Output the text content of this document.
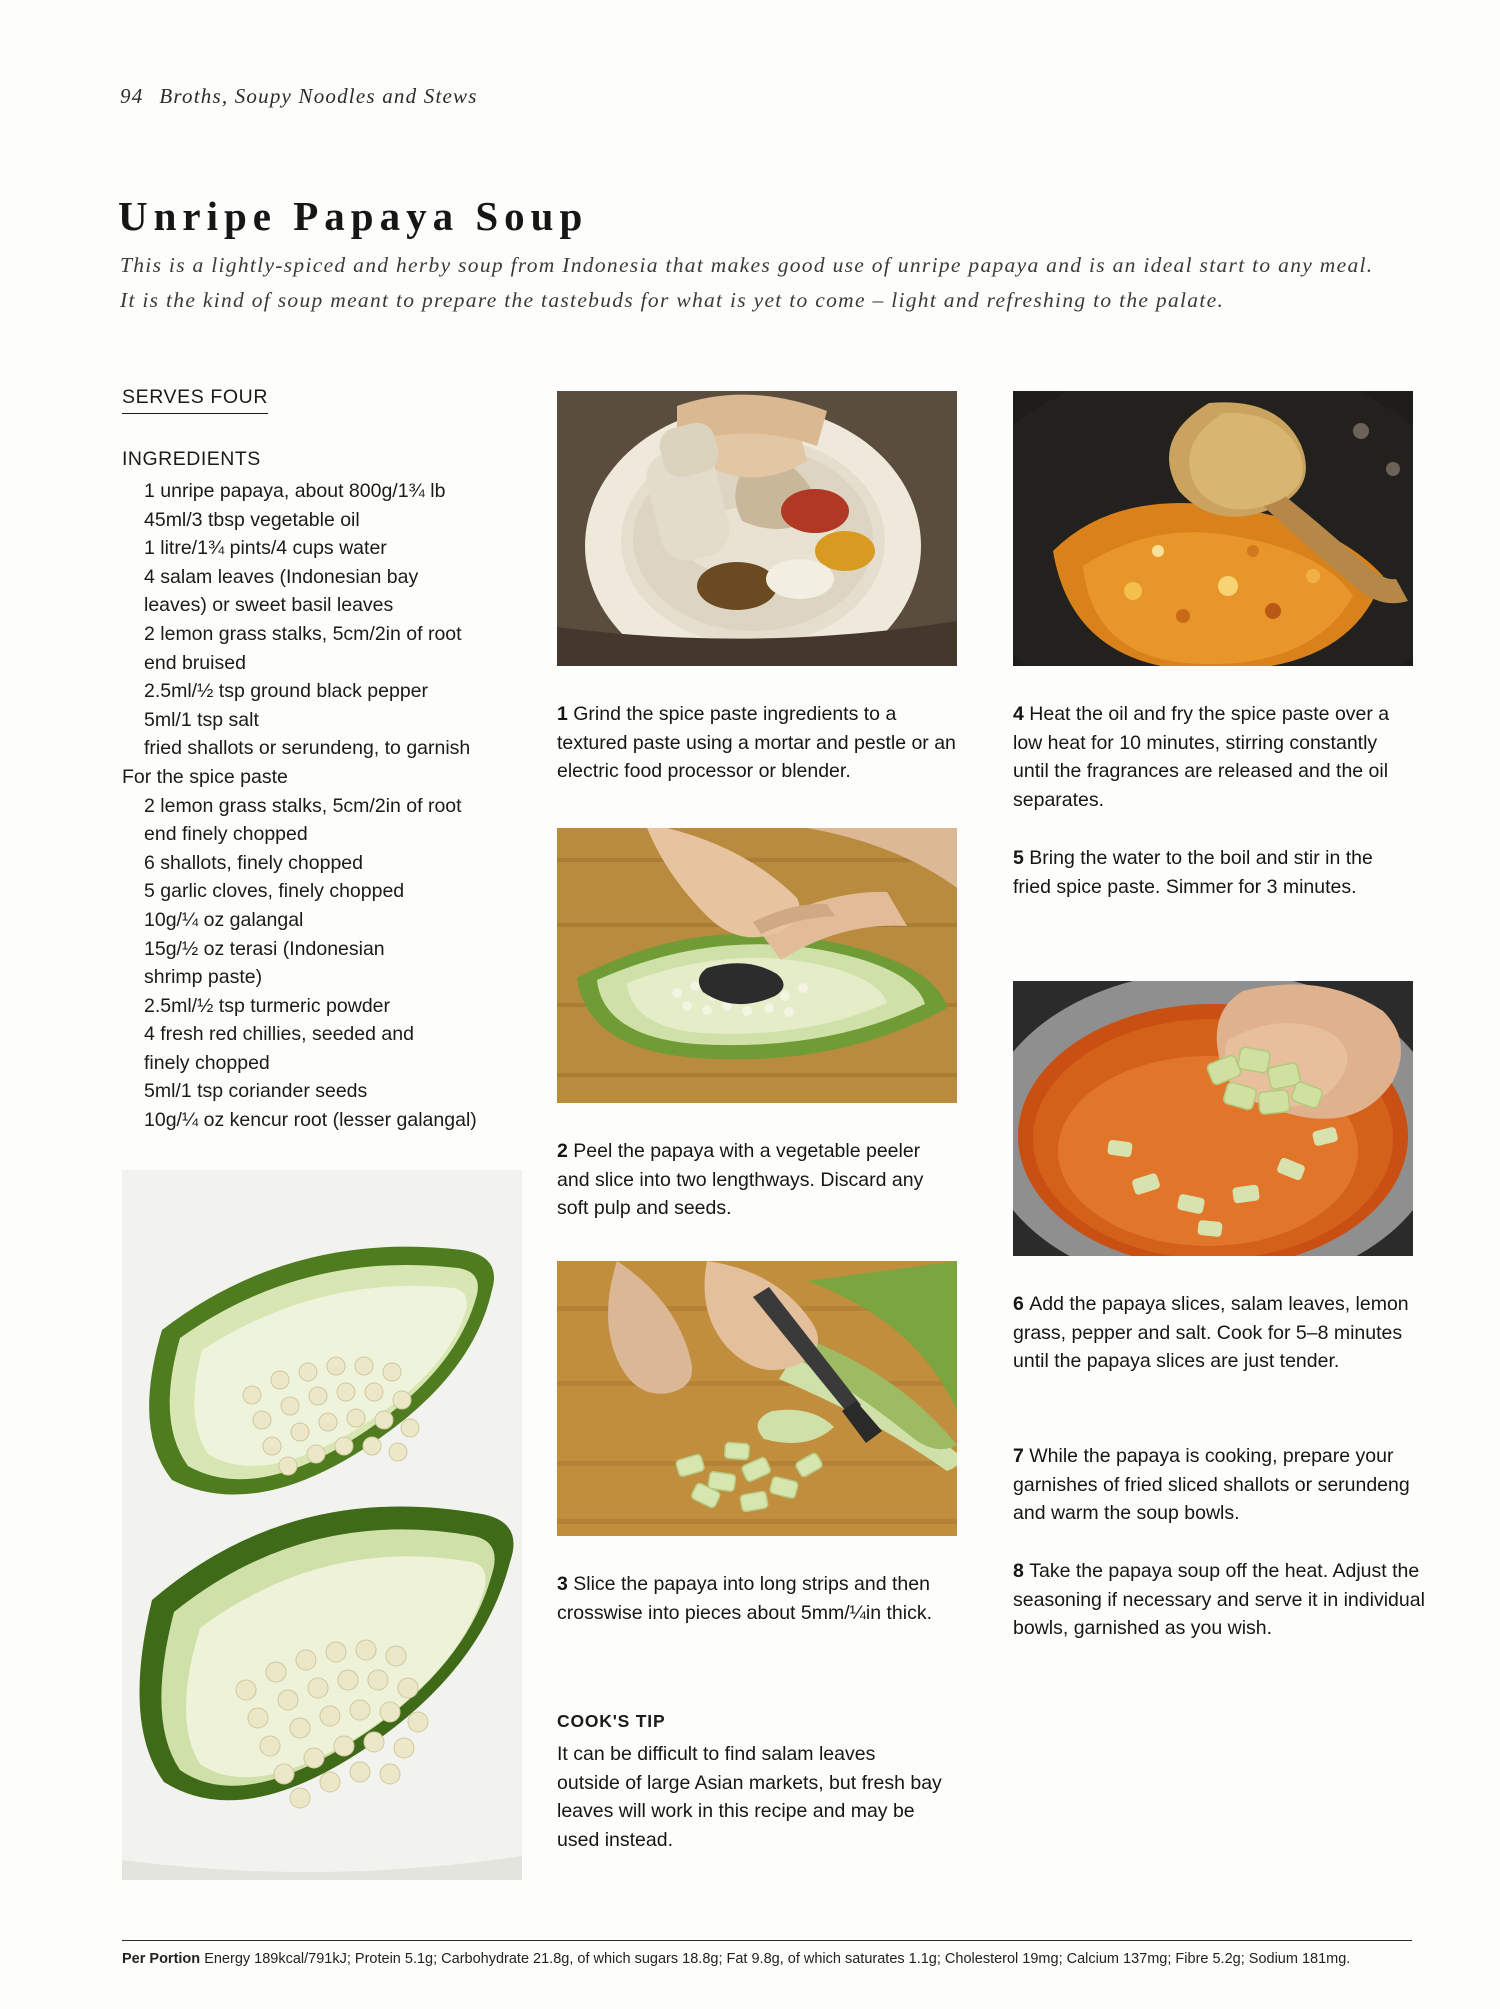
94 Broths, Soupy Noodles and Stews
Unripe Papaya Soup
This is a lightly-spiced and herby soup from Indonesia that makes good use of unripe papaya and is an ideal start to any meal. It is the kind of soup meant to prepare the tastebuds for what is yet to come – light and refreshing to the palate.
SERVES FOUR
INGREDIENTS
1 unripe papaya, about 800g/1¾ lb
45ml/3 tbsp vegetable oil
1 litre/1¾ pints/4 cups water
4 salam leaves (Indonesian bay
leaves) or sweet basil leaves
2 lemon grass stalks, 5cm/2in of root
end bruised
2.5ml/½ tsp ground black pepper
5ml/1 tsp salt
fried shallots or serundeng, to garnish
For the spice paste
2 lemon grass stalks, 5cm/2in of root
end finely chopped
6 shallots, finely chopped
5 garlic cloves, finely chopped
10g/¼ oz galangal
15g/½ oz terasi (Indonesian
shrimp paste)
2.5ml/½ tsp turmeric powder
4 fresh red chillies, seeded and
finely chopped
5ml/1 tsp coriander seeds
10g/¼ oz kencur root (lesser galangal)
1 Grind the spice paste ingredients to a textured paste using a mortar and pestle or an electric food processor or blender.
2 Peel the papaya with a vegetable peeler and slice into two lengthways. Discard any soft pulp and seeds.
3 Slice the papaya into long strips and then crosswise into pieces about 5mm/¼in thick.
4 Heat the oil and fry the spice paste over a low heat for 10 minutes, stirring constantly until the fragrances are released and the oil separates.
5 Bring the water to the boil and stir in the fried spice paste. Simmer for 3 minutes.
6 Add the papaya slices, salam leaves, lemon grass, pepper and salt. Cook for 5–8 minutes until the papaya slices are just tender.
7 While the papaya is cooking, prepare your garnishes of fried sliced shallots or serundeng and warm the soup bowls.
8 Take the papaya soup off the heat. Adjust the seasoning if necessary and serve it in individual bowls, garnished as you wish.
COOK'S TIP
It can be difficult to find salam leaves outside of large Asian markets, but fresh bay leaves will work in this recipe and may be used instead.
Per Portion Energy 189kcal/791kJ; Protein 5.1g; Carbohydrate 21.8g, of which sugars 18.8g; Fat 9.8g, of which saturates 1.1g; Cholesterol 19mg; Calcium 137mg; Fibre 5.2g; Sodium 181mg.
